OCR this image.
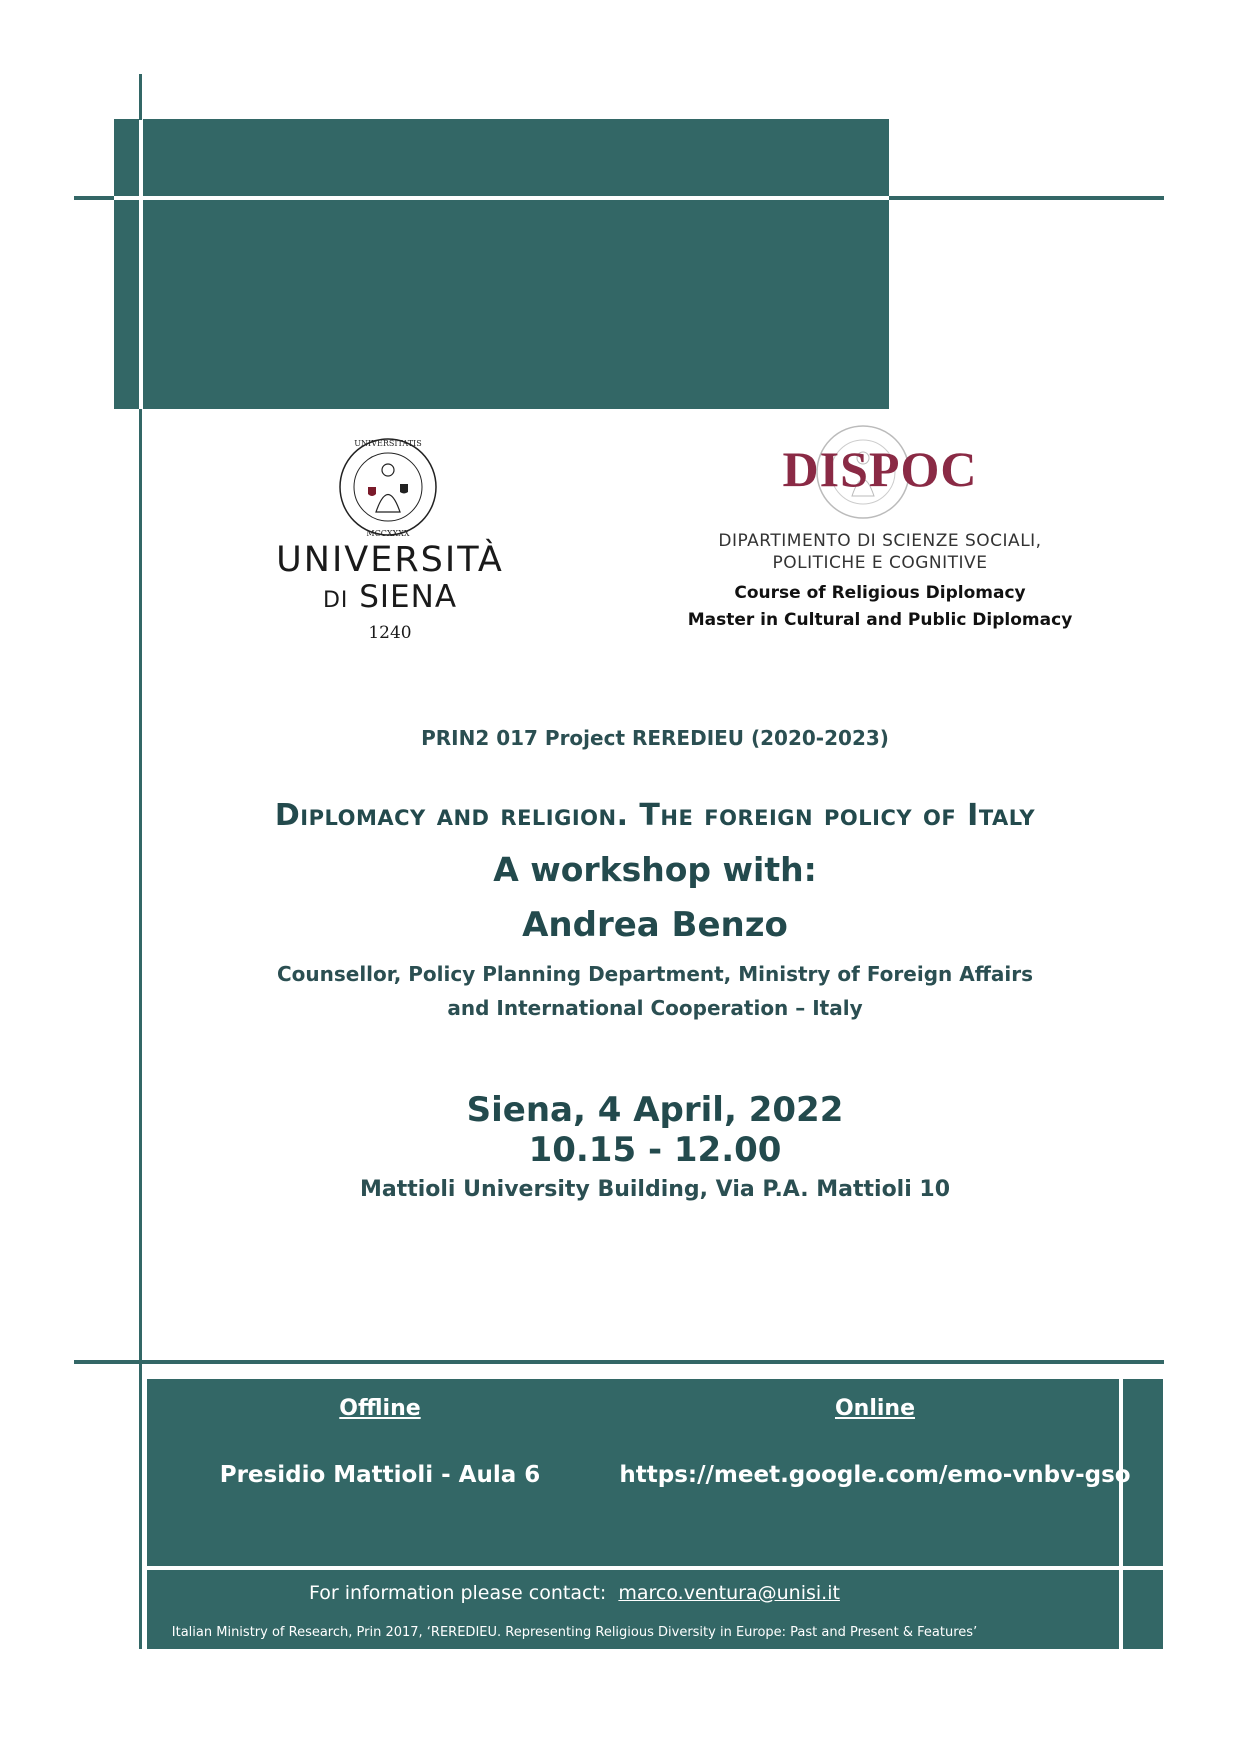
UNIVERSITATIS
MCCXXXX
UNIVERSITÀ
DI SIENA
1240
DISPOC
DIPARTIMENTO DI SCIENZE SOCIALI,
POLITICHE E COGNITIVE
Course of Religious Diplomacy
Master in Cultural and Public Diplomacy
PRIN2 017 Project REREDIEU (2020-2023)
Diplomacy and religion. The foreign policy of Italy
A workshop with:
Andrea Benzo
Counsellor, Policy Planning Department, Ministry of Foreign Affairs
and International Cooperation – Italy
Siena, 4 April, 2022
10.15 - 12.00
Mattioli University Building, Via P.A. Mattioli 10
Offline
Presidio Mattioli - Aula 6
Online
https://meet.google.com/emo-vnbv-gso
For information please contact: marco.ventura@unisi.it
Italian Ministry of Research, Prin 2017, ‘REREDIEU. Representing Religious Diversity in Europe: Past and Present & Features’
